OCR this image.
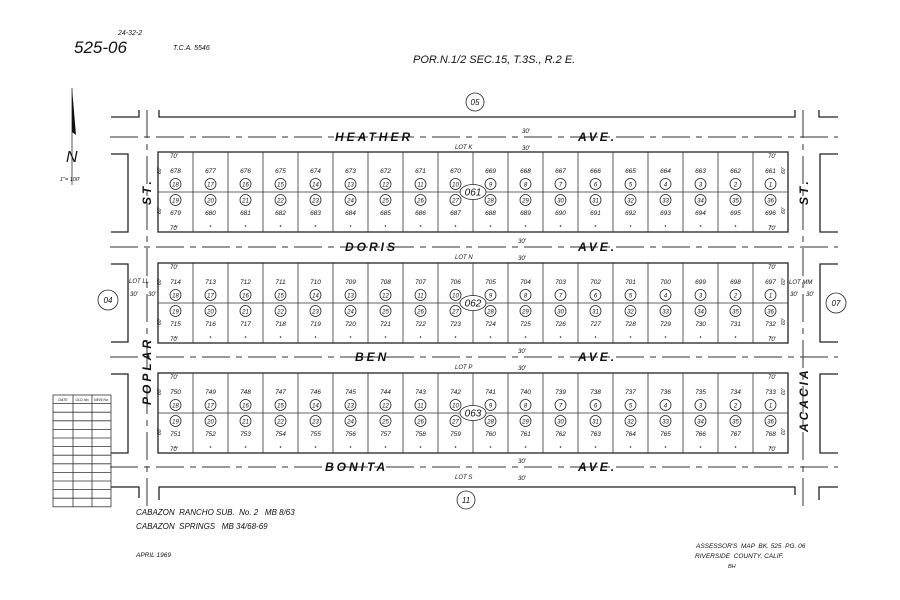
24-32-2
525-06	T.C.A. 5546
POR.N.1/2 SEC.15, T.3S., R.2 E.
N
1"= 100'
HEATHER	AVE.
LOT K
30'
30'
DORIS	AVE.
LOT N
30'
30'
BEN	AVE.
LOT P
30'
30'
BONITA	AVE.
LOT S
30'
30'
ST.
POPLAR
LOT LL
30' 30'
ST.
ACACIA
LOT MM
30' 30'
05
04	07
11
061
678
18
679
19
677
17
680
20
676
16
681
21
675
15
682
22
674
14
683
23
673
13
684
24
672
12
685
25
671
11
686
26
670
10
687
27
669
9
688
28
668
8
689
29
667
7
690
30
666
6
691
31
665
5
692
32
664
4
693
33
663
3
694
34
662
2
695
35
661
1
696
36
70'
70'
70'
70'
60'
60'
60'
60'
062
714
18
715
19
713
17
716
20
712
16
717
21
711
15
718
22
710
14
719
23
709
13
720
24
708
12
721
25
707
11
722
26
706
10
723
27
705
9
724
28
704
8
725
29
703
7
726
30
702
6
727
31
701
5
728
32
700
4
729
33
699
3
730
34
698
2
731
35
697
1
732
36
70'
70'
70'
70'
60'
60'
60'
60'
063
750
18
751
19
749
17
752
20
748
16
753
21
747
15
754
22
746
14
755
23
745
13
756
24
744
12
757
25
743
11
758
26
742
10
759
27
741
9
760
28
740
8
761
29
739
7
762
30
738
6
763
31
737
5
764
32
736
4
765
33
735
3
766
34
734
2
767
35
733
1
768
36
70'
70'
70'
70'
60'
60'
60'
60'
DATE OLD No. NEW No.
CABAZON  RANCHO SUB.  No. 2   MB 8/63
CABAZON  SPRINGS   MB 34/68-69
APRIL 1969
ASSESSOR'S  MAP  BK. 525  PG. 06
RIVERSIDE  COUNTY, CALIF.
BH
